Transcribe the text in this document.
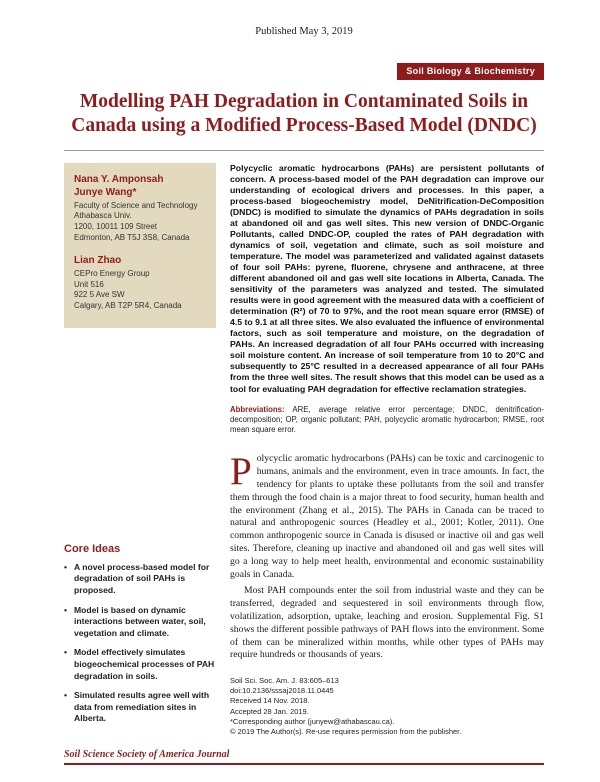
Published May 3, 2019
Soil Biology & Biochemistry
Modelling PAH Degradation in Contaminated Soils in Canada using a Modified Process-Based Model (DNDC)
Nana Y. Amponsah
Junye Wang*
Faculty of Science and Technology
Athabasca Univ.
1200, 10011 109 Street
Edmonton, AB T5J 3S8, Canada
Lian Zhao
CEPro Energy Group
Unit 516
922 5 Ave SW
Calgary, AB T2P 5R4, Canada
Core Ideas
• A novel process-based model for degradation of soil PAHs is proposed.
• Model is based on dynamic interactions between water, soil, vegetation and climate.
• Model effectively simulates biogeochemical processes of PAH degradation in soils.
• Simulated results agree well with data from remediation sites in Alberta.

Polycyclic aromatic hydrocarbons (PAHs) are persistent pollutants of concern. A process-based model of the PAH degradation can improve our understanding of ecological drivers and processes. In this paper, a process-based biogeochemistry model, DeNitrification-DeComposition (DNDC) is modified to simulate the dynamics of PAHs degradation in soils at abandoned oil and gas well sites. This new version of DNDC-Organic Pollutants, called DNDC-OP, coupled the rates of PAH degradation with dynamics of soil, vegetation and climate, such as soil moisture and temperature. The model was parameterized and validated against datasets of four soil PAHs: pyrene, fluorene, chrysene and anthracene, at three different abandoned oil and gas well site locations in Alberta, Canada. The sensitivity of the parameters was analyzed and tested. The simulated results were in good agreement with the measured data with a coefficient of determination (R²) of 70 to 97%, and the root mean square error (RMSE) of 4.5 to 9.1 at all three sites. We also evaluated the influence of environmental factors, such as soil temperature and moisture, on the degradation of PAHs. An increased degradation of all four PAHs occurred with increasing soil moisture content. An increase of soil temperature from 10 to 20°C and subsequently to 25°C resulted in a decreased appearance of all four PAHs from the three well sites. The result shows that this model can be used as a tool for evaluating PAH degradation for effective reclamation strategies.

Abbreviations: ARE, average relative error percentage; DNDC, denitrification-decomposition; OP, organic pollutant; PAH, polycyclic aromatic hydrocarbon; RMSE, root mean square error.

Polycyclic aromatic hydrocarbons (PAHs) can be toxic and carcinogenic to humans, animals and the environment, even in trace amounts. In fact, the tendency for plants to uptake these pollutants from the soil and transfer them through the food chain is a major threat to food security, human health and the environment (Zhang et al., 2015). The PAHs in Canada can be traced to natural and anthropogenic sources (Headley et al., 2001; Kotler, 2011). One common anthropogenic source in Canada is disused or inactive oil and gas well sites. Therefore, cleaning up inactive and abandoned oil and gas well sites will go a long way to help meet health, environmental and economic sustainability goals in Canada.

Most PAH compounds enter the soil from industrial waste and they can be transferred, degraded and sequestered in soil environments through flow, volatilization, adsorption, uptake, leaching and erosion. Supplemental Fig. S1 shows the different possible pathways of PAH flows into the environment. Some of them can be mineralized within months, while other types of PAHs may require hundreds or thousands of years.

Soil Sci. Soc. Am. J. 83:605–613
doi:10.2136/sssaj2018.11.0445
Received 14 Nov. 2018.
Accepted 28 Jan. 2019.
*Corresponding author (junyew@athabascau.ca).
© 2019 The Author(s). Re-use requires permission from the publisher.
Soil Science Society of America Journal
